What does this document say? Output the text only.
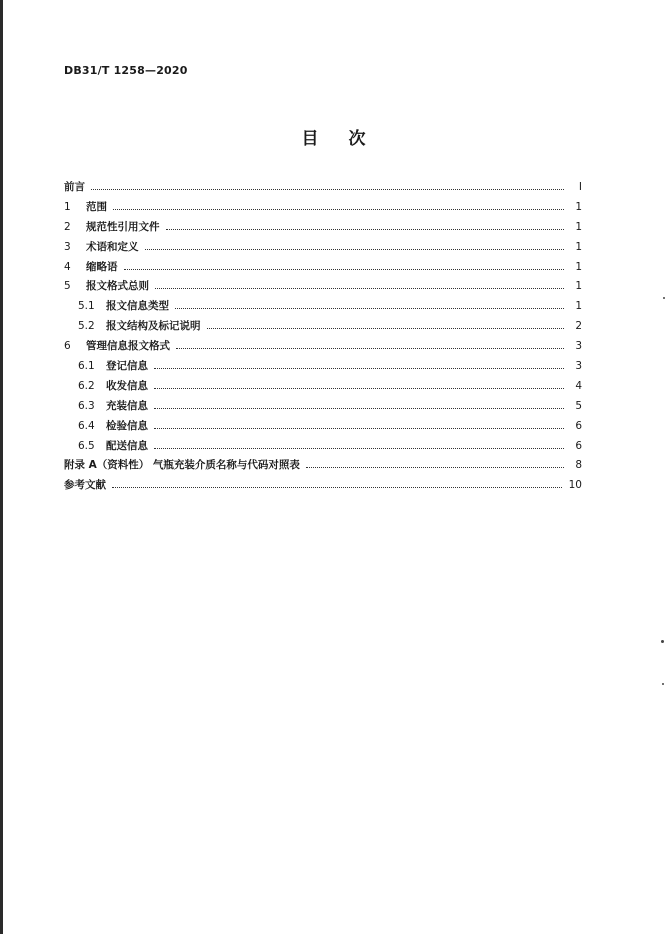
DB31/T 1258—2020
目次
前言	I
1	范围	1
2	规范性引用文件	1
3	术语和定义	1
4	缩略语	1
5	报文格式总则	1
5.1	报文信息类型	1
5.2	报文结构及标记说明	2
6	管理信息报文格式	3
6.1	登记信息	3
6.2	收发信息	4
6.3	充装信息	5
6.4	检验信息	6
6.5	配送信息	6
附录 A（资料性） 气瓶充装介质名称与代码对照表	8
参考文献	10
